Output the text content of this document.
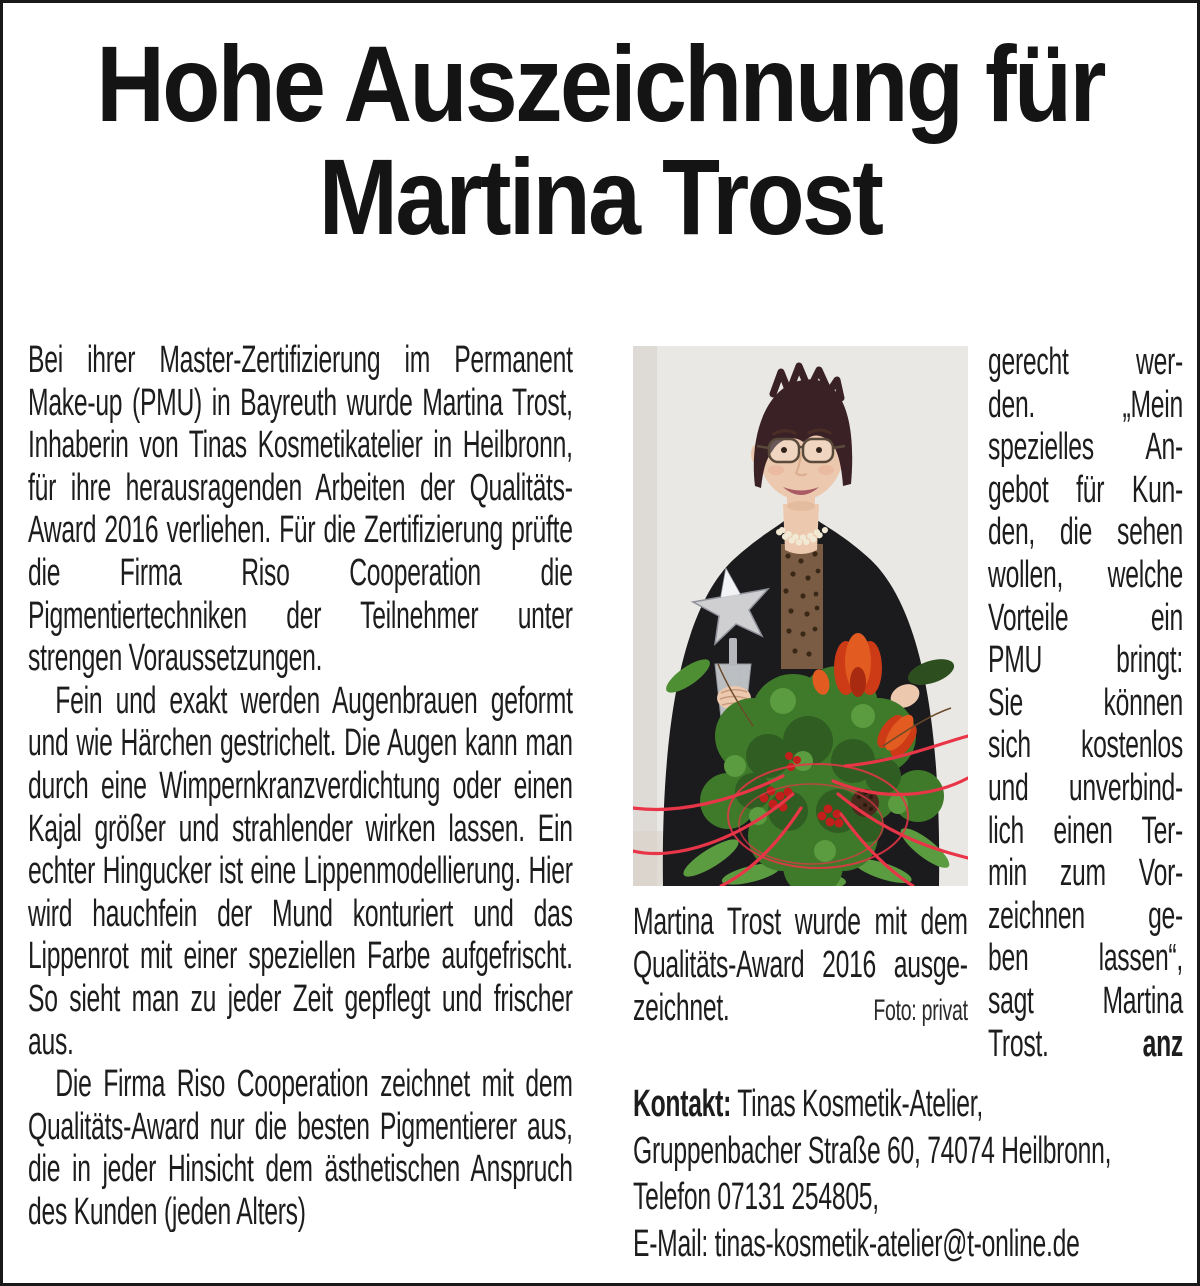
Hohe Auszeichnung für
Martina Trost

Bei ihrer Master-Zertifizierung im Permanent Make-up (PMU) in Bayreuth wurde Martina Trost, Inhaberin von Tinas Kosmetikatelier in Heilbronn, für ihre herausragenden Arbeiten der Qualitäts-Award 2016 verliehen. Für die Zertifizierung prüfte die Firma Riso Cooperation die Pigmentiertechniken der Teilnehmer unter strengen Voraussetzungen.

Fein und exakt werden Augenbrauen geformt und wie Härchen gestrichelt. Die Augen kann man durch eine Wimpernkranzverdichtung oder einen Kajal größer und strahlender wirken lassen. Ein echter Hingucker ist eine Lippenmodellierung. Hier wird hauchfein der Mund konturiert und das Lippenrot mit einer speziellen Farbe aufgefrischt. So sieht man zu jeder Zeit gepflegt und frischer aus.

Die Firma Riso Cooperation zeichnet mit dem Qualitäts-Award nur die besten Pigmentierer aus, die in jeder Hinsicht dem ästhetischen Anspruch des Kunden (jeden Alters)

Martina Trost wurde mit dem
Qualitäts-Award 2016 ausge-
zeichnet.	Foto: privat
gerecht wer-
den. „Mein
spezielles An-
gebot für Kun-
den, die sehen
wollen, welche
Vorteile ein
PMU bringt:
Sie können
sich kostenlos
und unverbind-
lich einen Ter-
min zum Vor-
zeichnen ge-
ben lassen“,
sagt Martina
Trost. anz
Kontakt: Tinas Kosmetik-Atelier,
Gruppenbacher Straße 60, 74074 Heilbronn,
Telefon 07131 254805,
E-Mail: tinas-kosmetik-atelier@t-online.de
